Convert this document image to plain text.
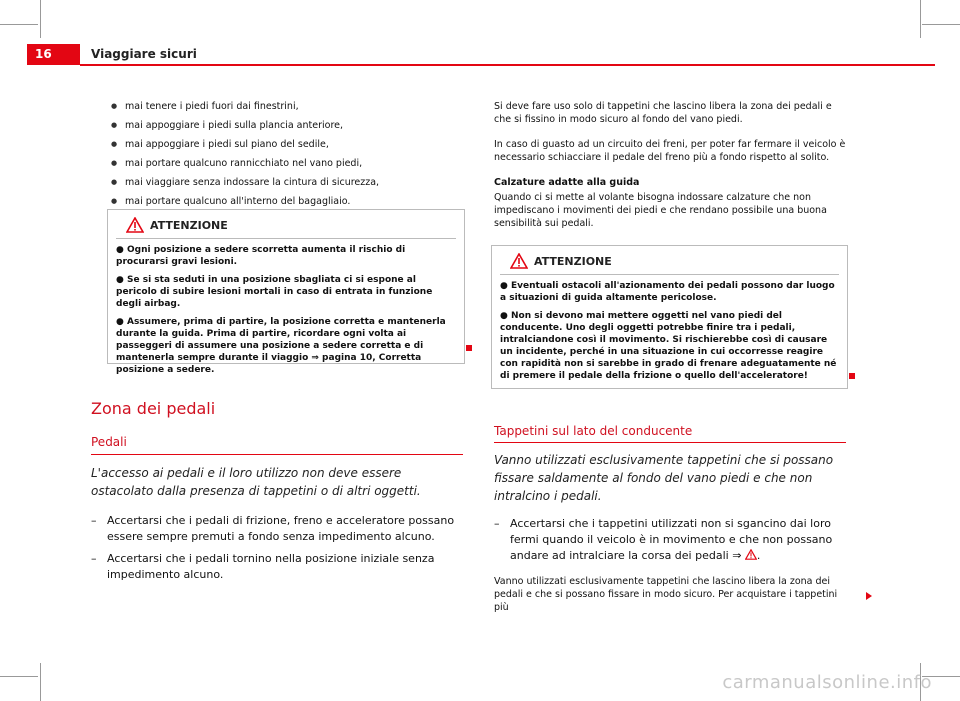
16	Viaggiare sicuri
● mai tenere i piedi fuori dai finestrini,
● mai appoggiare i piedi sulla plancia anteriore,
● mai appoggiare i piedi sul piano del sedile,
● mai portare qualcuno rannicchiato nel vano piedi,
● mai viaggiare senza indossare la cintura di sicurezza,
● mai portare qualcuno all'interno del bagagliaio.
ATTENZIONE

● Ogni posizione a sedere scorretta aumenta il rischio di procurarsi gravi lesioni.

● Se si sta seduti in una posizione sbagliata ci si espone al pericolo di subire lesioni mortali in caso di entrata in funzione degli airbag.

● Assumere, prima di partire, la posizione corretta e mantenerla durante la guida. Prima di partire, ricordare ogni volta ai passeggeri di assumere una posizione a sedere corretta e di mantenerla sempre durante il viaggio ⇒ pagina 10, Corretta posizione a sedere.

Zona dei pedali
Pedali
L'accesso ai pedali e il loro utilizzo non deve essere ostacolato dalla presenza di tappetini o di altri oggetti.
– Accertarsi che i pedali di frizione, freno e acceleratore possano essere sempre premuti a fondo senza impedimento alcuno.
– Accertarsi che i pedali tornino nella posizione iniziale senza impedimento alcuno.

Si deve fare uso solo di tappetini che lascino libera la zona dei pedali e che si fissino in modo sicuro al fondo del vano piedi.

In caso di guasto ad un circuito dei freni, per poter far fermare il veicolo è necessario schiacciare il pedale del freno più a fondo rispetto al solito.

Calzature adatte alla guida

Quando ci si mette al volante bisogna indossare calzature che non impediscano i movimenti dei piedi e che rendano possibile una buona sensibilità sui pedali.

ATTENZIONE

● Eventuali ostacoli all'azionamento dei pedali possono dar luogo a situazioni di guida altamente pericolose.

● Non si devono mai mettere oggetti nel vano piedi del conducente. Uno degli oggetti potrebbe finire tra i pedali, intralciandone così il movimento. Si rischierebbe così di causare un incidente, perché in una situazione in cui occorresse reagire con rapidità non si sarebbe in grado di frenare adeguatamente né di premere il pedale della frizione o quello dell'acceleratore!

Tappetini sul lato del conducente
Vanno utilizzati esclusivamente tappetini che si possano fissare saldamente al fondo del vano piedi e che non intralcino i pedali.
– Accertarsi che i tappetini utilizzati non si sgancino dai loro fermi quando il veicolo è in movimento e che non possano andare ad intralciare la corsa dei pedali ⇒ .

Vanno utilizzati esclusivamente tappetini che lascino libera la zona dei pedali e che si possano fissare in modo sicuro. Per acquistare i tappetini più

carmanualsonline.info
